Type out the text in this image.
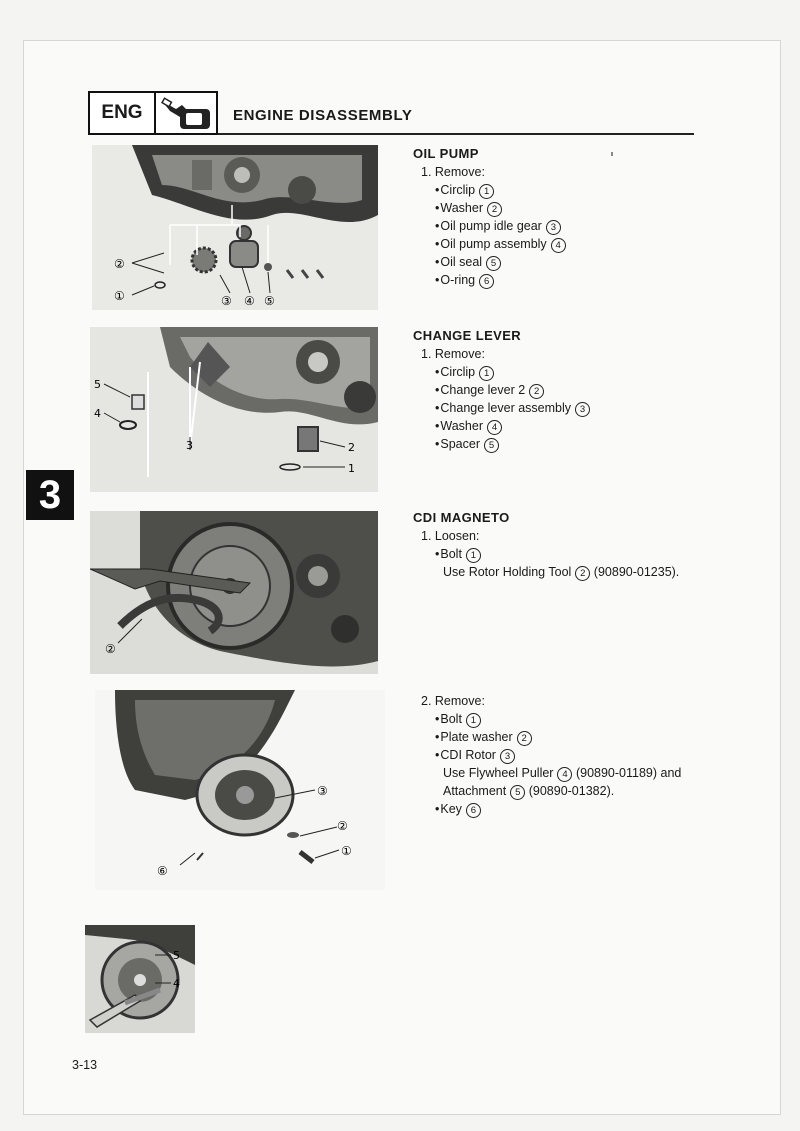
ENG	ENGINE DISASSEMBLY
3
②
①	③ ④ ⑤
5
4
3	2
1
②
③
②
①
⑥
5
4
OIL PUMP
1. Remove:
• Circlip 1
• Washer 2
• Oil pump idle gear 3
• Oil pump assembly 4
• Oil seal 5
• O-ring 6
CHANGE LEVER
1. Remove:
• Circlip 1
• Change lever 2 2
• Change lever assembly 3
• Washer 4
• Spacer 5
CDI MAGNETO
1. Loosen:
• Bolt 1
Use Rotor Holding Tool 2 (90890-01235).
2. Remove:
• Bolt 1
• Plate washer 2
• CDI Rotor 3
Use Flywheel Puller 4 (90890-01189) and
Attachment 5 (90890-01382).
• Key 6
3-13
